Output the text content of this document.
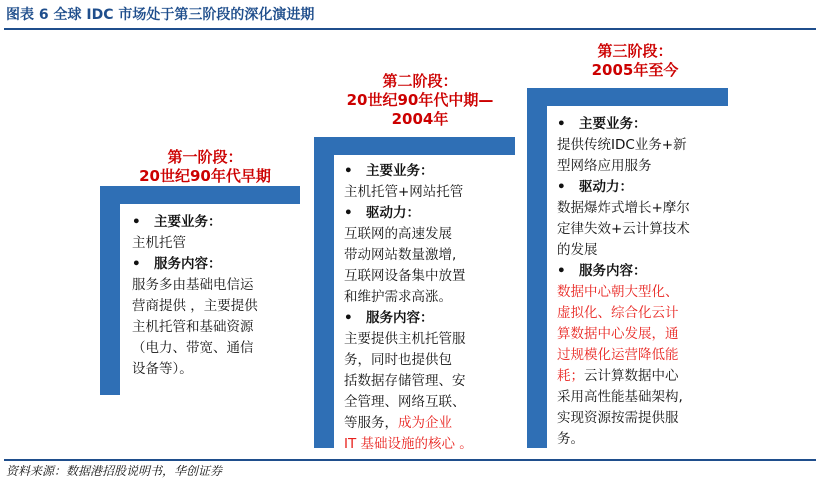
图表 6 全球 IDC 市场处于第三阶段的深化演进期
第一阶段：
20世纪90年代早期
• 主要业务：
主机托管
• 服务内容：
服务多由基础电信运
营商提供 ，主要提供
主机托管和基础资源
（电力、带宽、通信
设备等）。
第二阶段：
20世纪90年代中期—
2004年
• 主要业务：
主机托管+网站托管
• 驱动力：
互联网的高速发展
带动网站数量激增,
互联网设备集中放置
和维护需求高涨。
• 服务内容：
主要提供主机托管服
务，同时也提供包
括数据存储管理、安
全管理、网络互联、
等服务，成为企业
IT 基础设施的核心 。
第三阶段：
2005年至今
• 主要业务：
提供传统IDC业务+新
型网络应用服务
• 驱动力：
数据爆炸式增长+摩尔
定律失效+云计算技术
的发展
• 服务内容：
数据中心朝大型化、
虚拟化、综合化云计
算数据中心发展，通
过规模化运营降低能
耗；云计算数据中心
采用高性能基础架构,
实现资源按需提供服
务。
资料来源：数据港招股说明书，华创证券
